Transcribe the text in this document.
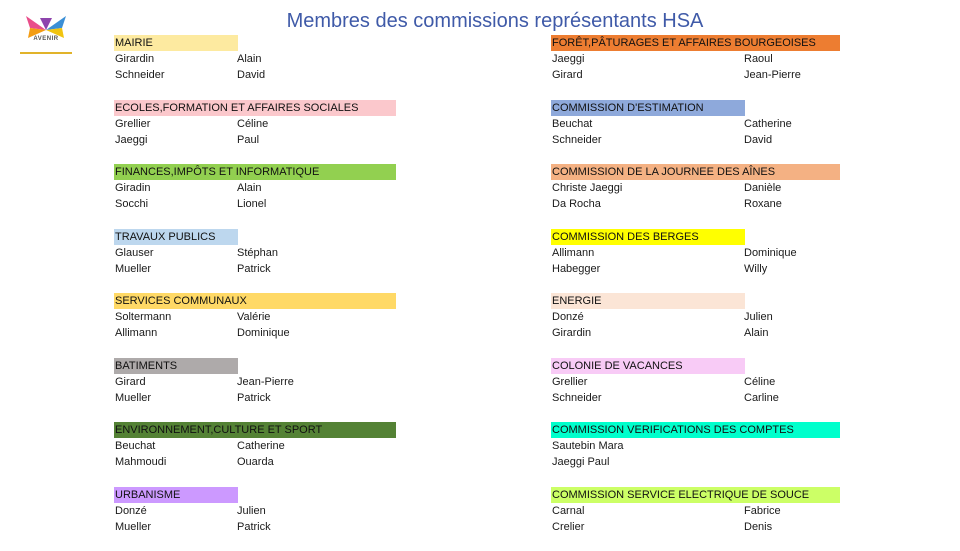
AVENIR
Membres des commissions représentants HSA
MAIRIE
Girardin	Alain
Schneider	David
ECOLES,FORMATION ET AFFAIRES SOCIALES
Grellier	Céline
Jaeggi	Paul
FINANCES,IMPÔTS ET INFORMATIQUE
Giradin	Alain
Socchi	Lionel
TRAVAUX PUBLICS
Glauser	Stéphan
Mueller	Patrick
SERVICES COMMUNAUX
Soltermann	Valérie
Allimann	Dominique
BATIMENTS
Girard	Jean-Pierre
Mueller	Patrick
ENVIRONNEMENT,CULTURE ET SPORT
Beuchat	Catherine
Mahmoudi	Ouarda
URBANISME
Donzé	Julien
Mueller	Patrick
FORÊT,PÂTURAGES ET AFFAIRES BOURGEOISES
Jaeggi	Raoul
Girard	Jean-Pierre
COMMISSION D'ESTIMATION
Beuchat	Catherine
Schneider	David
COMMISSION DE LA JOURNEE DES AÎNES
Christe Jaeggi	Danièle
Da Rocha	Roxane
COMMISSION DES BERGES
Allimann	Dominique
Habegger	Willy
ENERGIE
Donzé	Julien
Girardin	Alain
COLONIE DE VACANCES
Grellier	Céline
Schneider	Carline
COMMISSION VERIFICATIONS DES COMPTES
Sautebin Mara
Jaeggi Paul
COMMISSION SERVICE ELECTRIQUE DE SOUCE
Carnal	Fabrice
Crelier	Denis
